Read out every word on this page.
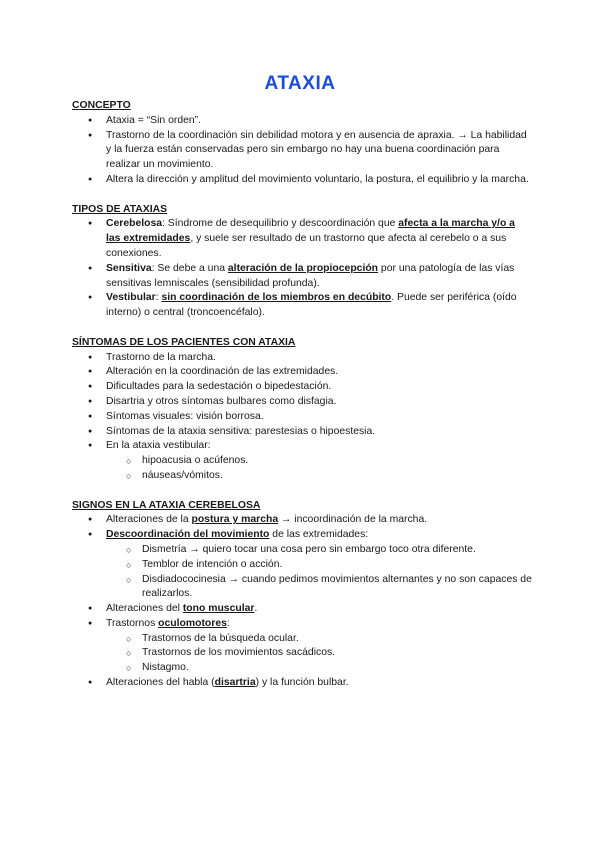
ATAXIA
CONCEPTO
● Ataxia = “Sin orden”.
● Trastorno de la coordinación sin debilidad motora y en ausencia de apraxia. → La habilidad y la fuerza están conservadas pero sin embargo no hay una buena coordinación para realizar un movimiento.
● Altera la dirección y amplitud del movimiento voluntario, la postura, el equilibrio y la marcha.
TIPOS DE ATAXIAS
● Cerebelosa: Síndrome de desequilibrio y descoordinación que afecta a la marcha y/o a las extremidades, y suele ser resultado de un trastorno que afecta al cerebelo o a sus conexiones.
● Sensitiva: Se debe a una alteración de la propiocepción por una patología de las vías sensitivas lemniscales (sensibilidad profunda).
● Vestibular: sin coordinación de los miembros en decúbito. Puede ser periférica (oído interno) o central (troncoencéfalo).
SÍNTOMAS DE LOS PACIENTES CON ATAXIA
● Trastorno de la marcha.
● Alteración en la coordinación de las extremidades.
● Dificultades para la sedestación o bipedestación.
● Disartria y otros síntomas bulbares como disfagia.
● Síntomas visuales: visión borrosa.
● Síntomas de la ataxia sensitiva: parestesias o hipoestesia.
● En la ataxia vestibular:
○ hipoacusia o acúfenos.
○ náuseas/vómitos.
SIGNOS EN LA ATAXIA CEREBELOSA
● Alteraciones de la postura y marcha → incoordinación de la marcha.
● Descoordinación del movimiento de las extremidades:
○ Dismetría → quiero tocar una cosa pero sin embargo toco otra diferente.
○ Temblor de intención o acción.
○ Disdiadococinesia → cuando pedimos movimientos alternantes y no son capaces de realizarlos.
● Alteraciones del tono muscular.
● Trastornos oculomotores:
○ Trastornos de la búsqueda ocular.
○ Trastornos de los movimientos sacádicos.
○ Nistagmo.
● Alteraciones del habla (disartria) y la función bulbar.
